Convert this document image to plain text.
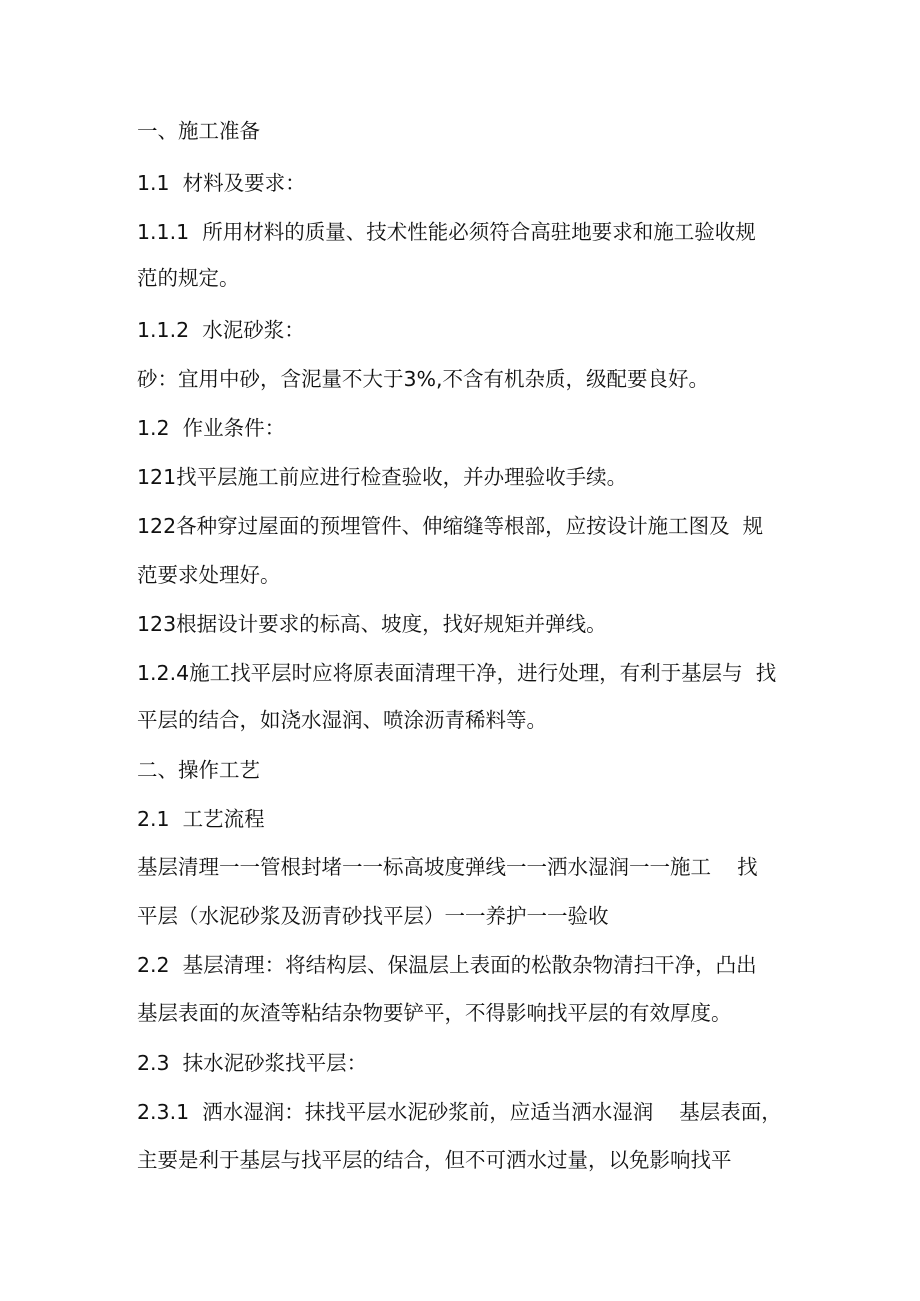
一、施工准备

1.1  材料及要求：

1.1.1  所用材料的质量、技术性能必须符合高驻地要求和施工验收规

范的规定。

1.1.2  水泥砂浆：

砂：宜用中砂，含泥量不大于3%,不含有机杂质，级配要良好。

1.2  作业条件：

121找平层施工前应进行检查验收，并办理验收手续。

122各种穿过屋面的预埋管件、伸缩缝等根部，应按设计施工图及  规

范要求处理好。

123根据设计要求的标高、坡度，找好规矩并弹线。

1.2.4施工找平层时应将原表面清理干净，进行处理，有利于基层与  找

平层的结合，如浇水湿润、喷涂沥青稀料等。

二、操作工艺

2.1  工艺流程

基层清理一一管根封堵一一标高坡度弹线一一洒水湿润一一施工    找

平层（水泥砂浆及沥青砂找平层）一一养护一一验收

2.2  基层清理：将结构层、保温层上表面的松散杂物清扫干净，凸出

基层表面的灰渣等粘结杂物要铲平，不得影响找平层的有效厚度。

2.3  抹水泥砂浆找平层：

2.3.1  洒水湿润：抹找平层水泥砂浆前，应适当洒水湿润    基层表面，

主要是利于基层与找平层的结合，但不可洒水过量，以免影响找平
